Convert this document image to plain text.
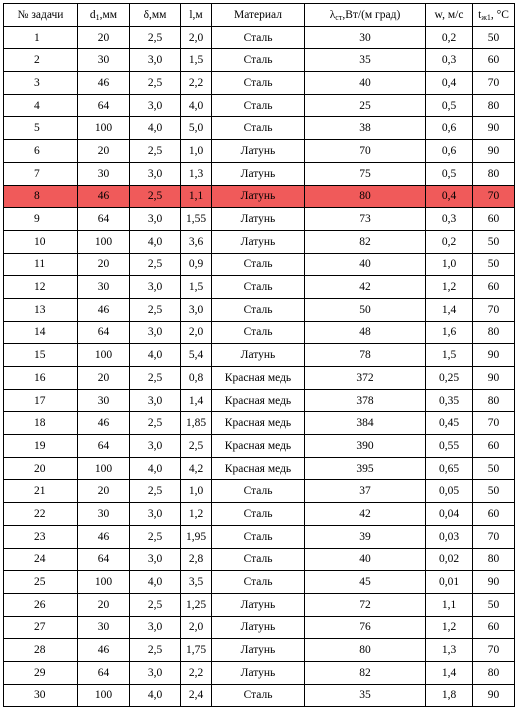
№ задачи	$d_1,мм$	δ,мм	l,м	Материал	$\lambda_{ст},Вт/(м$ град)	w, м/с	$t_{ж1}$, °С
1	20	2,5	2,0	Сталь	30	0,2	50
2	30	3,0	1,5	Сталь	35	0,3	60
3	46	2,5	2,2	Сталь	40	0,4	70
4	64	3,0	4,0	Сталь	25	0,5	80
5	100	4,0	5,0	Сталь	38	0,6	90
6	20	2,5	1,0	Латунь	70	0,6	90
7	30	3,0	1,3	Латунь	75	0,5	80
8	46	2,5	1,1	Латунь	80	0,4	70
9	64	3,0	1,55	Латунь	73	0,3	60
10	100	4,0	3,6	Латунь	82	0,2	50
11	20	2,5	0,9	Сталь	40	1,0	50
12	30	3,0	1,5	Сталь	42	1,2	60
13	46	2,5	3,0	Сталь	50	1,4	70
14	64	3,0	2,0	Сталь	48	1,6	80
15	100	4,0	5,4	Латунь	78	1,5	90
16	20	2,5	0,8	Красная медь	372	0,25	90
17	30	3,0	1,4	Красная медь	378	0,35	80
18	46	2,5	1,85	Красная медь	384	0,45	70
19	64	3,0	2,5	Красная медь	390	0,55	60
20	100	4,0	4,2	Красная медь	395	0,65	50
21	20	2,5	1,0	Сталь	37	0,05	50
22	30	3,0	1,2	Сталь	42	0,04	60
23	46	2,5	1,95	Сталь	39	0,03	70
24	64	3,0	2,8	Сталь	40	0,02	80
25	100	4,0	3,5	Сталь	45	0,01	90
26	20	2,5	1,25	Латунь	72	1,1	50
27	30	3,0	2,0	Латунь	76	1,2	60
28	46	2,5	1,75	Латунь	80	1,3	70
29	64	3,0	2,2	Латунь	82	1,4	80
30	100	4,0	2,4	Сталь	35	1,8	90
